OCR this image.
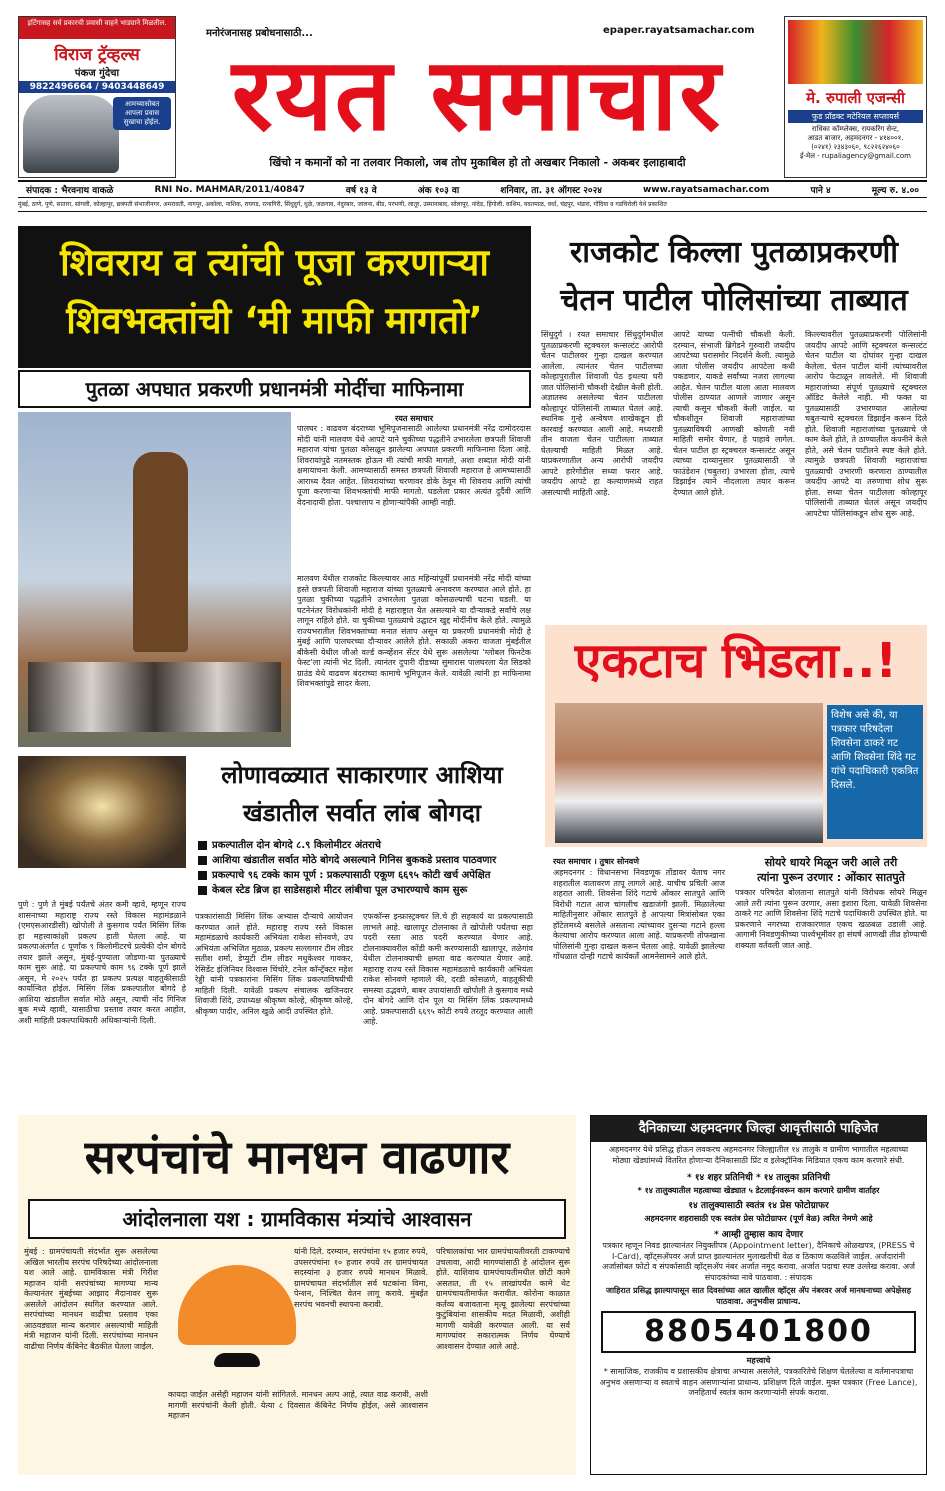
इर्टिगासह सर्व प्रकारची प्रवासी वाहने भाड्याने मिळतील.
विराज ट्रॅव्हल्स
पंकज गुंदेचा
9822496664 / 9403448649
आमच्यासोबत आपला प्रवास सुखाचा होईल.
मनोरंजनासह प्रबोधनासाठी...	epaper.rayatsamachar.com
रयत समाचार
खिंचो न कमानों को ना तलवार निकालो, जब तोप मुकाबिल हो तो अखबार निकालो - अकबर इलाहाबादी
मे. रुपाली एजन्सी
फुड प्रॉडक्ट मटेरियल सप्लायर्स
राधिका कॉम्प्लेक्स, रायकरिंग सेन्ट,
आडत बाजार, अहमदनगर - ४१४००१.
(०२४१) २३४३०६०, ९८२२६२४०६०
ई-मेल - rupaliagency@gmail.com
संपादक : भैरवनाथ वाकळे	RNI No. MAHMAR/2011/40847	वर्ष १३ वे	अंक १०३ वा	शनिवार, ता. ३१ ऑगस्ट २०२४	www.rayatsamachar.com	पाने ४	मूल्य रु. ४.००
मुंबई, ठाणे, पुणे, सातारा, सांगली, कोल्हापूर, छत्रपती संभाजीनगर, अमरावती, नागपूर, अकोला, नाशिक, रायगड, रत्नागिरी, सिंधुदुर्ग, धुळे, जळगाव, नंदुरबार, जालना, बीड, परभणी, लातूर, उस्मानाबाद, सोलापूर, नांदेड, हिंगोली, वाशिम, यवतमाळ, वर्धा, चंद्रपूर, भंडारा, गोंदिया व गडचिरोली येथे प्रकाशित
शिवराय व त्यांची पूजा करणाऱ्या
शिवभक्तांची ‘मी माफी मागतो’
पुतळा अपघात प्रकरणी प्रधानमंत्री मोदींचा माफिनामा
रयत समाचार
पालघर : वाढवण बंदराच्या भूमिपूजनासाठी आलेल्या प्रधानमंत्री नरेंद्र दामोदरदास मोदी यांनी मालवण येथे आपटे याने चुकीच्या पद्धतीने उभारलेला छत्रपती शिवाजी महाराज यांचा पुतळा कोसळून झालेल्या अपघात प्रकरणी माफिनामा दिला आहे. शिवरायांपुढे नतमस्तक होऊन मी त्यांची माफी मागतो, अशा शब्दात मोदी यांनी क्षमायाचना केली. आमच्यासाठी समस्त छत्रपती शिवाजी महाराज हे आमच्यासाठी आराध्य दैवत आहेत. शिवरायांच्या चरणावर डोके ठेवून मी शिवराय आणि त्यांची पूजा करणाऱ्या शिवभक्तांची माफी मागतो. घडलेला प्रकार अत्यंत दुर्दैवी आणि वेदनादायी होता. पश्चात्ताप न होणाऱ्यांपैकी आम्ही नाही.
मालवण येथील राजकोट किल्ल्यावर आठ महिन्यांपूर्वी प्रधानमंत्री नरेंद्र मोदी यांच्या हस्ते छत्रपती शिवाजी महाराज यांच्या पुतळ्याचे अनावरण करण्यात आले होते. हा पुतळा चुकीच्या पद्धतीने उभारलेला पुतळा कोसळल्याची घटना घडली. या घटनेनंतर विरोधकांनी मोदी हे महाराष्ट्रात येत असल्याने या दौऱ्याकडे सर्वांचे लक्ष लागून राहिले होते. या चुकीच्या पुतळ्याचे उद्घाटन खुद्द मोदींनीच केले होते. त्यामुळे राज्यभरातील शिवभक्तांच्या मनात संताप असून या प्रकरणी प्रधानमंत्री मोदी हे मुंबई आणि पालघरच्या दौऱ्यावर आलेले होते. सकाळी अकरा वाजता मुंबईतील बीकेसी येथील जीओ वर्ल्ड कन्व्हेंशन सेंटर येथे सुरू असलेल्या ‘ग्लोबल फिनटेक फेस्ट’ला त्यांनी भेट दिली. त्यानंतर दुपारी दीडच्या सुमारास पालघरला येत सिडको ग्राउंड येथे वाढवण बंदराच्या कामाचे भूमिपूजन केले. यावेळी त्यांनी हा माफिनामा शिवभक्तांपुढे सादर केला.
राजकोट किल्ला पुतळाप्रकरणी
चेतन पाटील पोलिसांच्या ताब्यात
सिंधुदुर्ग । रयत समाचार सिंधुदुर्गमधील पुतळाप्रकरणी स्ट्रक्चरल कन्सल्टंट आरोपी चेतन पाटीलवर गुन्हा दाखल करण्यात आलेला. त्यानंतर चेतन पाटीलच्या कोल्हापुरातील शिवाजी पेठ इथल्या घरी जात पोलिसांनी चौकशी देखील केली होती. अज्ञातस्थ असलेल्या चेतन पाटीलला कोल्हापूर पोलिसांनी ताब्यात घेतलं आहे. स्थानिक गुन्हे अन्वेषण शाखेकडून ही कारवाई करण्यात आली आहे. मध्यरात्री तीन वाजता चेतन पाटीलला ताब्यात घेतल्याची माहिती मिळत आहे. याप्रकरणातील अन्य आरोपी जयदीप आपटे हारेगोंडील सध्या फरार आहे. जयदीप आपटे हा कल्याणमध्ये राहत असल्याची माहिती आहे.
आपटे याच्या पत्नीची चौकशी केली. दरम्यान, संभाजी ब्रिगेडने गुरुवारी जयदीप आपटेच्या घरासमोर निदर्शने केली. त्यामुळे आता पोलीस जयदीप आपटेला कधी पकडणार, याकडे सर्वांच्या नजरा लागल्या आहेत. चेतन पाटील याला आता मालवण पोलीस ठाण्यात आणले जाणार असून त्याची कसून चौकशी केली जाईल. या चौकशीतून शिवाजी महाराजांच्या पुतळ्याविषयी आणखी कोणती नवी माहिती समोर येणार, हे पाहावे लागेल. चेतन पाटील हा स्ट्रक्चरल कन्सल्टंट असून त्याच्या दाव्यानुसार पुतळ्यासाठी जे फाउंडेशन (चबुतरा) उभारला होता, त्याचे डिझाईन त्याने नौदलाला तयार करून देण्यात आले होते.
किल्ल्यावरील पुतळ्याप्रकरणी पोलिसांनी जयदीप आपटे आणि स्ट्रक्चरल कन्सल्टंट चेतन पाटील या दोघांवर गुन्हा दाखल केलेला. चेतन पाटील यांनी त्यांच्यावरील आरोप फेटाळून लावलेले. मी शिवाजी महाराजांच्या संपूर्ण पुतळ्याचे स्ट्रक्चरल ऑडिट केलेले नाही. मी फक्त या पुतळ्यासाठी उभारण्यात आलेल्या चबुतऱ्याचे स्ट्रक्चरल डिझाईन करून दिले होते. शिवाजी महाराजांच्या पुतळ्याचे जे काम केले होते, ते ठाण्यातील कंपनीने केले होते, असे चेतन पाटीलने स्पष्ट केले होते. त्यामुळे छत्रपती शिवाजी महाराजांचा पुतळ्याची उभारणी करणारा ठाण्यातील जयदीप आपटे या तरुणाचा शोध सुरू होता. सध्या चेतन पाटीलला कोल्हापूर पोलिसांनी ताब्यात घेतलं असून जयदीप आपटेचा पोलिसांकडून शोध सुरू आहे.
एकटाच भिडला..!
विशेष असे की, या पत्रकार परिषदेला शिवसेना ठाकरे गट आणि शिवसेना शिंदे गट यांचे पदाधिकारी एकत्रित दिसले.
रयत समाचार । तुषार सोनवणे
अहमदनगर : विधानसभा निवडणूक तोंडावर येताच नगर शहरातील वातावरण तापू लागले आहे. याचीच प्रचिती आज शहरात आली. शिवसेना शिंदे गटाचे ओंकार सातपुते आणि विरोधी गटात आज चांगलीच खडाजंगी झाली. मिळालेल्या माहितीनुसार ओंकार सातपुते हे आपल्या मित्रांसोबत एका हॉटेलमध्ये बसलेले असताना त्यांच्यावर दुसऱ्या गटाने हल्ला केल्याचा आरोप करण्यात आला आहे. याप्रकरणी तोफखाना पोलिसांनी गुन्हा दाखल करून घेतला आहे. यावेळी झालेल्या गोंधळात दोन्ही गटाचे कार्यकर्ते आमनेसामने आले होते.
सोयरे धायरे मिळून जरी आले तरी
त्यांना पुरून उरणार : ओंकार सातपुते
पत्रकार परिषदेत बोलताना सातपुते यांनी विरोधक सोयरे मिळून आले तरी त्यांना पुरून उरणार, असा इशारा दिला. यावेळी शिवसेना ठाकरे गट आणि शिवसेना शिंदे गटाचे पदाधिकारी उपस्थित होते. या प्रकरणाने नगरच्या राजकारणात एकच खळबळ उडाली आहे. आगामी निवडणुकीच्या पार्श्वभूमीवर हा संघर्ष आणखी तीव्र होण्याची शक्यता वर्तवली जात आहे.
लोणावळ्यात साकारणार आशिया
खंडातील सर्वात लांब बोगदा
प्रकल्पातील दोन बोगदे ८.९ किलोमीटर अंतराचे
आशिया खंडातील सर्वात मोठे बोगदे असल्याने गिनिस बुककडे प्रस्ताव पाठवणार
प्रकल्पाचे ९६ टक्के काम पूर्ण : प्रकल्पासाठी एकूण ६६९५ कोटी खर्च अपेक्षित
केबल स्टेड ब्रिज हा साडेसहाशे मीटर लांबीचा पूल उभारण्याचे काम सुरू
पुणे : पुणे ते मुंबई पर्यंतचे अंतर कमी व्हावे, म्हणून राज्य शासनाच्या महाराष्ट्र राज्य रस्ते विकास महामंडळाने (एमएसआरडीसी) खोपोली ते कुसगाव पर्यंत मिसिंग लिंक हा महत्त्वाकांक्षी प्रकल्प हाती घेतला आहे. या प्रकल्पाअंतर्गत ८ पूर्णांक ९ किलोमीटरचे प्रत्येकी दोन बोगदे तयार झाले असून, मुंबई-पुण्याला जोडणा-या पुतळ्याचे काम सुरू आहे. या प्रकल्पाचे काम ९६ टक्के पूर्ण झाले असून, मे २०२५ पर्यंत हा प्रकल्प प्रत्यक्ष वाहतुकीसाठी कार्यान्वित होईल. मिसिंग लिंक प्रकल्पातील बोगदे हे आशिया खंडातील सर्वात मोठे असून, त्याची नोंद गिनिज बुक मध्ये व्हावी, यासाठीचा प्रस्ताव तयार करत आहोत, अशी माहिती प्रकल्पाधिकारी अधिकाऱ्यांनी दिली.
पत्रकारांसाठी मिसिंग लिंक अभ्यास दौऱ्याचे आयोजन करण्यात आले होते. महाराष्ट्र राज्य रस्ते विकास महामंडळाचे कार्यकारी अभियंता राकेश सोनवणे, उप अभियंता अभिजित मुठाळ, प्रकल्प सल्लागार टीम लीडर सतीश शर्मा, डेप्युटी टीम लीडर मधुकेश्वर गावकर, रेसिडेंट इंजिनियर विश्वास चिंचोरे, टनेल कॉन्ट्रॅक्टर महेश रेड्डी यांनी पत्रकारांना मिसिंग लिंक प्रकल्पाविषयीची माहिती दिली. यावेळी प्रकल्प संचालक खजिनदार शिवाजी शिंदे, उपाध्यक्ष श्रीकृष्ण कोल्हे, श्रीकृष्ण कोल्हे, श्रीकृष्ण पादीर, अनिल खुळे आदी उपस्थित होते.
एफकॉन्स इन्फ्रास्ट्रक्चर लि.चे ही सहकार्य या प्रकल्पासाठी लाभले आहे. खालापूर टोलनाका ते खोपोली पर्यंतचा सहा पदरी रस्ता आठ पदरी करण्यात येणार आहे. टोलनाक्यावरील कोंडी कमी करण्यासाठी खालापूर, तळेगांव येथील टोलनाक्याची क्षमता वाढ करण्यात येणार आहे. महाराष्ट्र राज्य रस्ते विकास महामंडळाचे कार्यकारी अभियंता राकेश सोनवणे म्हणाले की, दरडी कोसळणे, वाहतूकीची समस्या उद्भवणे, बाबर उपायांसाठी खोपोली ते कुसगाव मध्ये दोन बोगदे आणि दोन पूल या मिसिंग लिंक प्रकल्पामध्ये आहे. प्रकल्पासाठी ६६९५ कोटी रुपये तरतूद करण्यात आली आहे.
सरपंचांचे मानधन वाढणार
आंदोलनाला यश : ग्रामविकास मंत्र्यांचे आश्वासन
मुंबई : ग्रामपंचायती संदर्भात सुरू असलेल्या अखिल भारतीय सरपंच परिषदेच्या आंदोलनाला यश आले आहे. ग्रामविकास मंत्री गिरीश महाजन यांनी सरपंचांच्या मागण्या मान्य केल्यानंतर मुंबईच्या आझाद मैदानावर सुरू असलेले आंदोलन स्थगित करण्यात आले. सरपंचांच्या मानधन वाढीचा प्रस्ताव एका आठवड्यात मान्य करणार असल्याची माहिती मंत्री महाजन यांनी दिली. सरपंचांच्या मानधन वाढीचा निर्णय कॅबिनेट बैठकीत घेतला जाईल.
यांनी दिले. दरम्यान, सरपंचांना १५ हजार रुपये, उपसरपंचांना १० हजार रुपये तर ग्रामपंचायत सदस्यांना ३ हजार रुपये मानधन मिळावे. ग्रामपंचायत संदर्भातील सर्व घटकांना विमा, पेन्शन, निश्चित वेतन लागू करावे. मुंबईत सरपंच भवनची स्थापना करावी.
कायदा जाईल असेही महाजन यांनी सांगितले. मानधन अल्प आहे, त्यात वाढ करावी, अशी मागणी सरपंचांनी केली होती. येत्या ८ दिवसात कॅबिनेट निर्णय होईल, असे आश्वासन महाजन
परिचालकांचा भार ग्रामपंचायतीवरती टाकण्याचे उचलावा, आदी मागण्यांसाठी हे आंदोलन सुरू होते. याशिवाय ग्रामपंचायतीमधील छोटी कामे असतात, ती १५ लाखांपर्यंत कामे थेट ग्रामपंचायतीमार्फत करावीत. कोरोना काळात कर्तव्य बजावताना मृत्यू झालेल्या सरपंचांच्या कुटुंबियांना शासकीय मदत मिळावी, अशीही मागणी यावेळी करण्यात आली. या सर्व मागण्यांवर सकारात्मक निर्णय घेण्याचे आश्वासन देण्यात आले आहे.
दैनिकाच्या अहमदनगर जिल्हा आवृत्तीसाठी पाहिजेत
अहमदनगर येथे प्रसिद्ध होऊन लवकरच अहमदनगर जिल्ह्यातील १४ तालुके व ग्रामीण भागातील महत्वाच्या मोठ्या खेड्यांमध्ये वितरित होणाऱ्या दैनिकासाठी प्रिंट व इलेक्ट्रॉनिक मिडियात एकच काम करणारे संधी.
* १४ शहर प्रतिनिधी * १४ तालुका प्रतिनिधी
* १४ तालुक्यातील महत्वाच्या खेड्यात ५ डेटलाईनवरून काम करणारे ग्रामीण वार्ताहर
१४ तालुक्यासाठी स्वतंत्र १४ प्रेस फोटोग्राफर
अहमदनगर शहरासाठी एक स्वतंत्र प्रेस फोटोग्राफर (पूर्ण वेळ) त्वरित नेमणे आहे
* आम्ही तुम्हास काय देणार
पत्रकार म्हणून निवड झाल्यानंतर नियुक्तीपत्र (Appointment letter), दैनिकाचे ओळखपत्र, (PRESS चे I-Card), व्हॉट्सअ‍ॅपवर अर्ज प्राप्त झाल्यानंतर मुलाखतीची वेळ व ठिकाण कळविले जाईल. अर्जदारांनी अर्जासोबत फोटो व संपर्कासाठी व्हॉट्सअ‍ॅप नंबर अर्जात नमूद करावा. अर्जात पदाचा स्पष्ट उल्लेख करावा. अर्ज संपादकांच्या नावे पाठवावा. : संपादक
जाहिरात प्रसिद्ध झाल्यापासून सात दिवसांच्या आत खालील व्हॉट्स अ‍ॅप नंबरवर अर्ज मानधनाच्या अपेक्षेसह पाठवावा. अनुभवीस प्राधान्य.
8805401800
महत्त्वाचे
* सामाजिक, राजकीय व प्रशासकीय क्षेत्राचा अभ्यास असलेले, पत्रकारितेचे शिक्षण घेतलेल्या व वर्तमानपत्राचा अनुभव असणाऱ्या व स्वतःचे वाहन असणाऱ्यांना प्राधान्य. प्रशिक्षण दिले जाईल. मुक्त पत्रकार (Free Lance), जनहितार्थ स्वतंत्र काम करणाऱ्यांनी संपर्क करावा.
